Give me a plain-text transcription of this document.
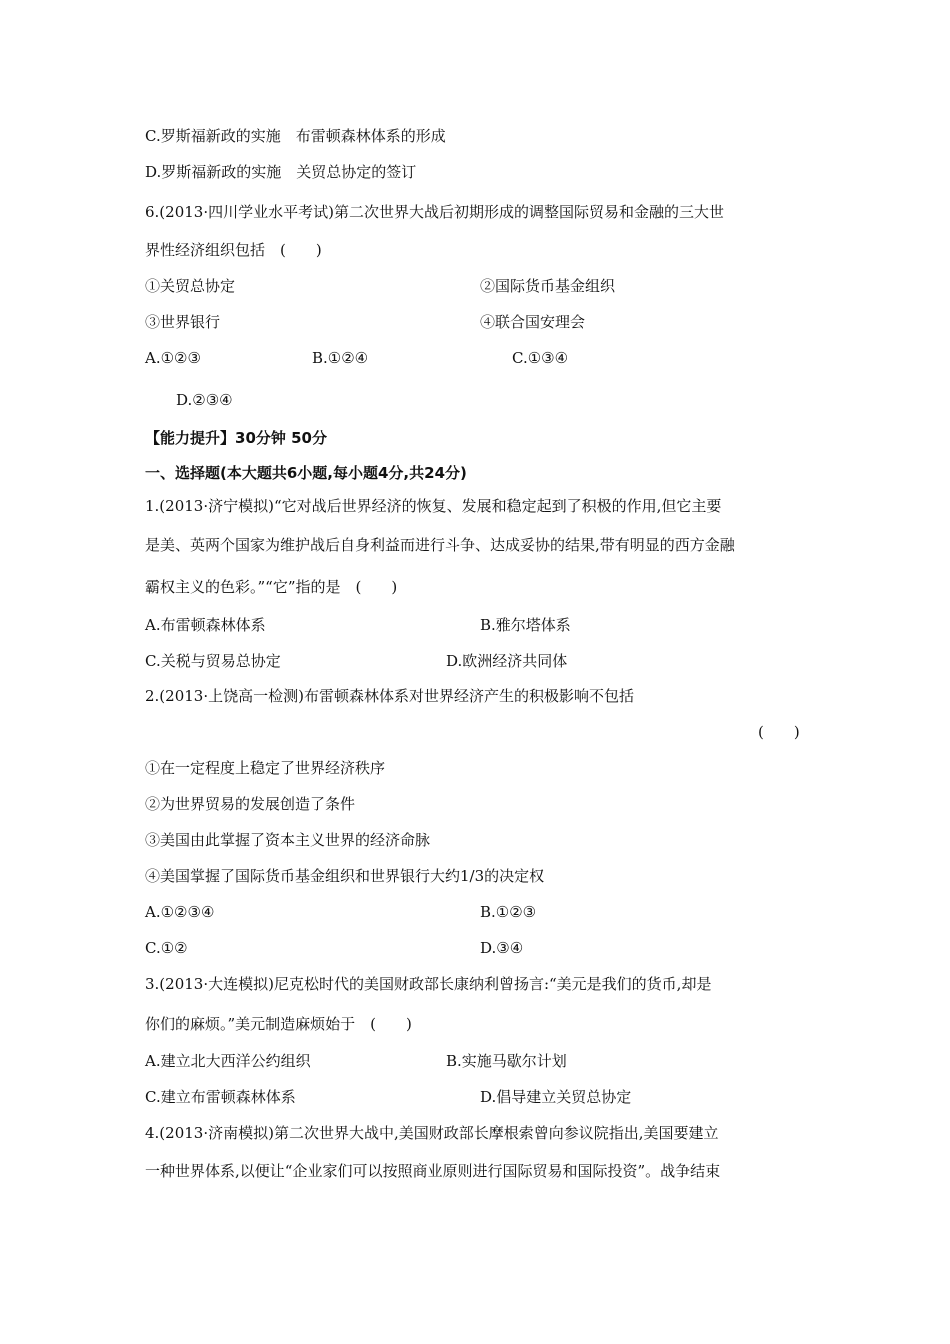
C.罗斯福新政的实施　布雷顿森林体系的形成
D.罗斯福新政的实施　关贸总协定的签订
6.(2013·四川学业水平考试)第二次世界大战后初期形成的调整国际贸易和金融的三大世
界性经济组织包括　(　　)
①关贸总协定	②国际货币基金组织
③世界银行	④联合国安理会
A.①②③	B.①②④	C.①③④
D.②③④
【能力提升】30分钟 50分
一、选择题(本大题共6小题,每小题4分,共24分)
1.(2013·济宁模拟)“它对战后世界经济的恢复、发展和稳定起到了积极的作用,但它主要
是美、英两个国家为维护战后自身利益而进行斗争、达成妥协的结果,带有明显的西方金融
霸权主义的色彩。”“它”指的是　(　　)
A.布雷顿森林体系	B.雅尔塔体系
C.关税与贸易总协定	D.欧洲经济共同体
2.(2013·上饶高一检测)布雷顿森林体系对世界经济产生的积极影响不包括
(　　)
①在一定程度上稳定了世界经济秩序
②为世界贸易的发展创造了条件
③美国由此掌握了资本主义世界的经济命脉
④美国掌握了国际货币基金组织和世界银行大约1/3的决定权
A.①②③④	B.①②③
C.①②	D.③④
3.(2013·大连模拟)尼克松时代的美国财政部长康纳利曾扬言:“美元是我们的货币,却是
你们的麻烦。”美元制造麻烦始于　(　　)
A.建立北大西洋公约组织	B.实施马歇尔计划
C.建立布雷顿森林体系	D.倡导建立关贸总协定
4.(2013·济南模拟)第二次世界大战中,美国财政部长摩根索曾向参议院指出,美国要建立
一种世界体系,以便让“企业家们可以按照商业原则进行国际贸易和国际投资”。战争结束
